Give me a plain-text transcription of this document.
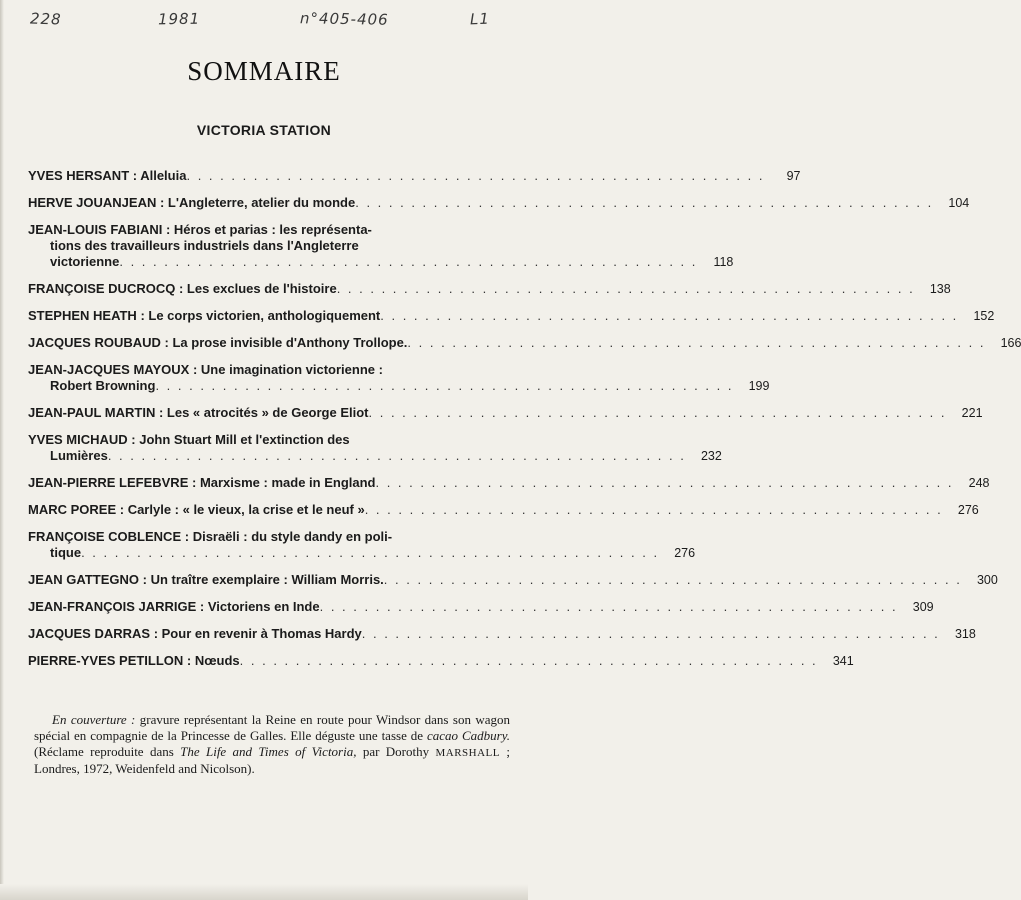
228	1981	n°405-406	L1
SOMMAIRE
VICTORIA STATION
YVES HERSANT : Alleluia . . . . . . . . . . . . . . . . . . . . . . . . . . . . . . . . . . . . . . . . . . . . . . . . . . . .	97
HERVE JOUANJEAN : L'Angleterre, atelier du monde . . . . . . . . . . . . . . . . . . . . . . . . . . . . . . . . . . . . . . . . . . . . . . . . . . . .	104
JEAN-LOUIS FABIANI : Héros et parias : les représenta-
tions des travailleurs industriels dans l'Angleterre
victorienne . . . . . . . . . . . . . . . . . . . . . . . . . . . . . . . . . . . . . . . . . . . . . . . . . . . .	118
FRANÇOISE DUCROCQ : Les exclues de l'histoire . . . . . . . . . . . . . . . . . . . . . . . . . . . . . . . . . . . . . . . . . . . . . . . . . . . .	138
STEPHEN HEATH : Le corps victorien, anthologiquement . . . . . . . . . . . . . . . . . . . . . . . . . . . . . . . . . . . . . . . . . . . . . . . . . . . .	152
JACQUES ROUBAUD : La prose invisible d'Anthony Trollope. . . . . . . . . . . . . . . . . . . . . . . . . . . . . . . . . . . . . . . . . . . . . . . . . . . . .	166
JEAN-JACQUES MAYOUX : Une imagination victorienne :
Robert Browning . . . . . . . . . . . . . . . . . . . . . . . . . . . . . . . . . . . . . . . . . . . . . . . . . . . .	199
JEAN-PAUL MARTIN : Les « atrocités » de George Eliot . . . . . . . . . . . . . . . . . . . . . . . . . . . . . . . . . . . . . . . . . . . . . . . . . . . .	221
YVES MICHAUD : John Stuart Mill et l'extinction des
Lumières . . . . . . . . . . . . . . . . . . . . . . . . . . . . . . . . . . . . . . . . . . . . . . . . . . . .	232
JEAN-PIERRE LEFEBVRE : Marxisme : made in England . . . . . . . . . . . . . . . . . . . . . . . . . . . . . . . . . . . . . . . . . . . . . . . . . . . .	248
MARC POREE : Carlyle : « le vieux, la crise et le neuf » . . . . . . . . . . . . . . . . . . . . . . . . . . . . . . . . . . . . . . . . . . . . . . . . . . . .	276
FRANÇOISE COBLENCE : Disraëli : du style dandy en poli-
tique . . . . . . . . . . . . . . . . . . . . . . . . . . . . . . . . . . . . . . . . . . . . . . . . . . . .	276
JEAN GATTEGNO : Un traître exemplaire : William Morris. . . . . . . . . . . . . . . . . . . . . . . . . . . . . . . . . . . . . . . . . . . . . . . . . . . . .	300
JEAN-FRANÇOIS JARRIGE : Victoriens en Inde . . . . . . . . . . . . . . . . . . . . . . . . . . . . . . . . . . . . . . . . . . . . . . . . . . . .	309
JACQUES DARRAS : Pour en revenir à Thomas Hardy . . . . . . . . . . . . . . . . . . . . . . . . . . . . . . . . . . . . . . . . . . . . . . . . . . . .	318
PIERRE-YVES PETILLON : Nœuds . . . . . . . . . . . . . . . . . . . . . . . . . . . . . . . . . . . . . . . . . . . . . . . . . . . .	341
En couverture : gravure représentant la Reine en route pour Windsor dans son wagon spécial en compagnie de la Princesse de Galles. Elle déguste une tasse de cacao Cadbury. (Réclame reproduite dans The Life and Times of Victoria, par Dorothy MARSHALL ; Londres, 1972, Weidenfeld and Nicolson).
